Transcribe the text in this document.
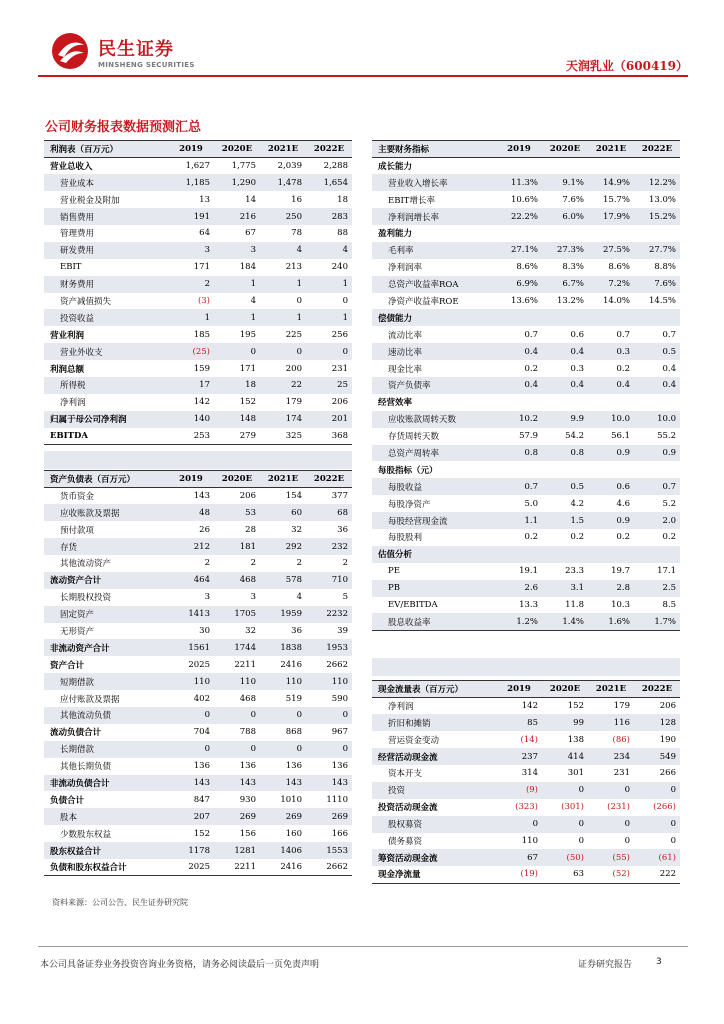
民生证券
MINSHENG SECURITIES	天润乳业（600419）
公司财务报表数据预测汇总
利润表（百万元）	2019	2020E	2021E	2022E
营业总收入	1,627	1,775	2,039	2,288
营业成本	1,185	1,290	1,478	1,654
营业税金及附加	13	14	16	18
销售费用	191	216	250	283
管理费用	64	67	78	88
研发费用	3	3	4	4
EBIT	171	184	213	240
财务费用	2	1	1	1
资产减值损失	(3)	4	0	0
投资收益	1	1	1	1
营业利润	185	195	225	256
营业外收支	(25)	0	0	0
利润总额	159	171	200	231
所得税	17	18	22	25
净利润	142	152	179	206
归属于母公司净利润	140	148	174	201
EBITDA	253	279	325	368
资产负债表（百万元）	2019	2020E	2021E	2022E
货币资金	143	206	154	377
应收账款及票据	48	53	60	68
预付款项	26	28	32	36
存货	212	181	292	232
其他流动资产	2	2	2	2
流动资产合计	464	468	578	710
长期股权投资	3	3	4	5
固定资产	1413	1705	1959	2232
无形资产	30	32	36	39
非流动资产合计	1561	1744	1838	1953
资产合计	2025	2211	2416	2662
短期借款	110	110	110	110
应付账款及票据	402	468	519	590
其他流动负债	0	0	0	0
流动负债合计	704	788	868	967
长期借款	0	0	0	0
其他长期负债	136	136	136	136
非流动负债合计	143	143	143	143
负债合计	847	930	1010	1110
股本	207	269	269	269
少数股东权益	152	156	160	166
股东权益合计	1178	1281	1406	1553
负债和股东权益合计	2025	2211	2416	2662
主要财务指标	2019	2020E	2021E	2022E
成长能力				
营业收入增长率	11.3%	9.1%	14.9%	12.2%
EBIT增长率	10.6%	7.6%	15.7%	13.0%
净利润增长率	22.2%	6.0%	17.9%	15.2%
盈利能力				
毛利率	27.1%	27.3%	27.5%	27.7%
净利润率	8.6%	8.3%	8.6%	8.8%
总资产收益率ROA	6.9%	6.7%	7.2%	7.6%
净资产收益率ROE	13.6%	13.2%	14.0%	14.5%
偿债能力				
流动比率	0.7	0.6	0.7	0.7
速动比率	0.4	0.4	0.3	0.5
现金比率	0.2	0.3	0.2	0.4
资产负债率	0.4	0.4	0.4	0.4
经营效率				
应收账款周转天数	10.2	9.9	10.0	10.0
存货周转天数	57.9	54.2	56.1	55.2
总资产周转率	0.8	0.8	0.9	0.9
每股指标（元）				
每股收益	0.7	0.5	0.6	0.7
每股净资产	5.0	4.2	4.6	5.2
每股经营现金流	1.1	1.5	0.9	2.0
每股股利	0.2	0.2	0.2	0.2
估值分析				
PE	19.1	23.3	19.7	17.1
PB	2.6	3.1	2.8	2.5
EV/EBITDA	13.3	11.8	10.3	8.5
股息收益率	1.2%	1.4%	1.6%	1.7%
现金流量表（百万元）	2019	2020E	2021E	2022E
净利润	142	152	179	206
折旧和摊销	85	99	116	128
营运资金变动	(14)	138	(86)	190
经营活动现金流	237	414	234	549
资本开支	314	301	231	266
投资	(9)	0	0	0
投资活动现金流	(323)	(301)	(231)	(266)
股权募资	0	0	0	0
债务募资	110	0	0	0
筹资活动现金流	67	(50)	(55)	(61)
现金净流量	(19)	63	(52)	222
资料来源：公司公告、民生证券研究院
本公司具备证券业务投资咨询业务资格，请务必阅读最后一页免责声明	证券研究报告	3
